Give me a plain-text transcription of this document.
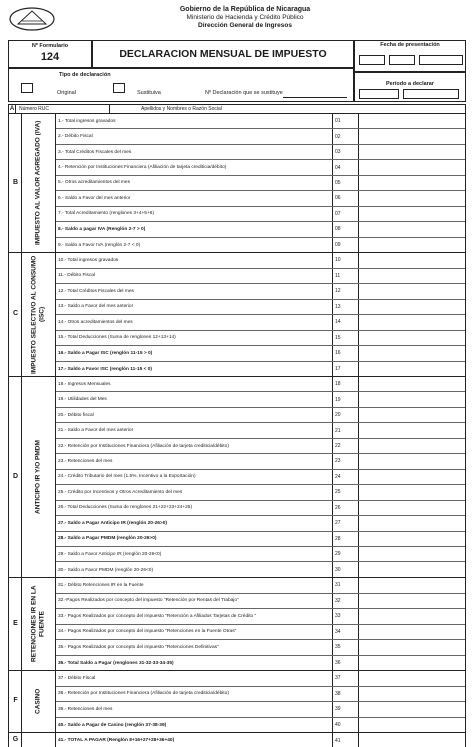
Gobierno de la República de Nicaragua
Ministerio de Hacienda y Crédito Público
Dirección General de Ingresos
Nº Formulario
124	DECLARACION MENSUAL DE IMPUESTO
Fecha de presentación
Tipo de declaración
Original	Sustituiva	Nº Declaración que se sustituye
Período a declarar
A Número RUC	Apellidos y Nombres o Razón Social
B	IMPUESTO AL VALOR AGREGADO (IVA)	1.- Total ingresos gravados	01
2.- Débito Fiscal	02
3.- Total Créditos Fiscales del mes	03
4.- Retención por Instituciones Financiera (Afiliación de tarjeta crediticia/débito)	04
5.- Otros acreditamientos del mes	05
6.- Saldo a Favor del mes anterior	06
7.- Total Acreditamiento (renglones 3+4+5+6)	07
8.- Saldo a pagar IVA (Renglón 2-7 > 0)	08
9.- Saldo a Favor IVA (renglón 2-7 < 0)	09
C	IMPUESTO SELECTIVO AL CONSUMO (ISC)
10.- Total ingresos gravados	10
11.- Débito Fiscal	11
12.- Total Créditos Fiscales del mes	12
13.- Saldo a Favor del mes anterior	13
14.- Otros acreditamientos del mes	14
15.- Total Deducciones (Suma de renglones 12+13+14)	15
16.- Saldo a Pagar ISC (renglón 11-15 > 0)	16
17.- Saldo a Favor ISC (renglón 11-15 < 0)	17
D	ANTICIPO IR Y/O PMDM
18.- Ingresos Mensuales	18
19.- Utilidades del Mes	19
20.- Débito fiscal	20
21.- Saldo a Favor del mes anterior	21
22.- Retención por Instituciones Financiera (Afiliación de tarjeta crediticia/débito)	22
23.- Retenciones del mes	23
24.- Crédito Tributario del mes (1.5%, Incentivo a la Exportación)	24
25.- Crédito por Incentivos y Otros Acreditamiento del mes	25
26.- Total Deducciones (Suma de renglones 21+22+23+24+25)	26
27.- Saldo a Pagar Anticipo IR (renglón 20-26>0)	27
28.- Saldo a Pagar PMDM (renglón 20-26>0)	28
29.- Saldo a Favor Anticipo IR (renglón 20-26<0)	29
30.- Saldo a Favor PMDM (renglón 20-26<0)	30
E	RETENCIONES IR EN LA FUENTE
31.- Débito Retenciones IR en la Fuente	31
32.-Pagos Realizados por concepto del impuesto "Retención por Rentas del Trabajo"	32
33.- Pagos Realizados por concepto del impuesto "Retención a Afiliados Tarjetas de Crédito "	33
34.- Pagos Realizados por concepto del impuesto "Retenciones en la Fuente Otras"	34
35.- Pagos Realizados por concepto del impuesto "Retenciones Definitivas"	35
36.- Total Saldo a Pagar (renglones 31-32-33-34-35)	36
F	CASINO
37.- Débito Fiscal	37
38.- Retención por Instituciones Financiera (Afiliación de tarjeta crediticia/débito)	38
39.- Retenciones del mes	39
40.- Saldo a Pagar de Casino (renglón 37-38-39)	40
G	41.- TOTAL A PAGAR (Renglón 8+16+27+28+36+40)	41
